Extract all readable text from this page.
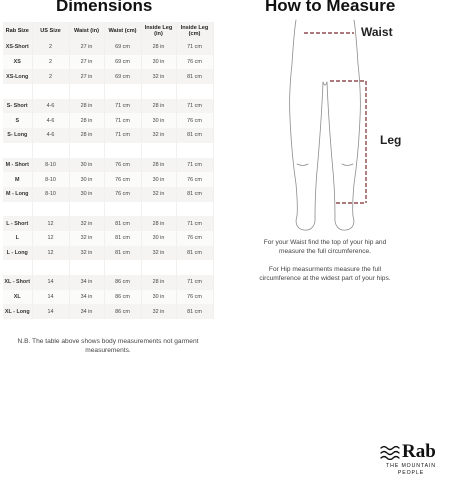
Dimensions	How to Measure
Rab Size	US Size	Waist (in)	Waist (cm)	Inside Leg (in)	Inside Leg (cm)
XS-Short	2	27 in	69 cm	28 in	71 cm
XS	2	27 in	69 cm	30 in	76 cm
XS-Long	2	27 in	69 cm	32 in	81 cm

S- Short	4-6	28 in	71 cm	28 in	71 cm
S	4-6	28 in	71 cm	30 in	76 cm
S- Long	4-6	28 in	71 cm	32 in	81 cm

M - Short	8-10	30 in	76 cm	28 in	71 cm
M	8-10	30 in	76 cm	30 in	76 cm
M - Long	8-10	30 in	76 cm	32 in	81 cm

L - Short	12	32 in	81 cm	28 in	71 cm
L	12	32 in	81 cm	30 in	76 cm
L - Long	12	32 in	81 cm	32 in	81 cm

XL - Short	14	34 in	86 cm	28 in	71 cm
XL	14	34 in	86 cm	30 in	76 cm
XL - Long	14	34 in	86 cm	32 in	81 cm
N.B. The table above shows body measurements not garment measurements.
Waist
Leg
For your Waist find the top of your hip and measure the full circumference.
For Hip measurments measure the full circumference at the widest part of your hips.
Rab
THE MOUNTAIN PEOPLE
